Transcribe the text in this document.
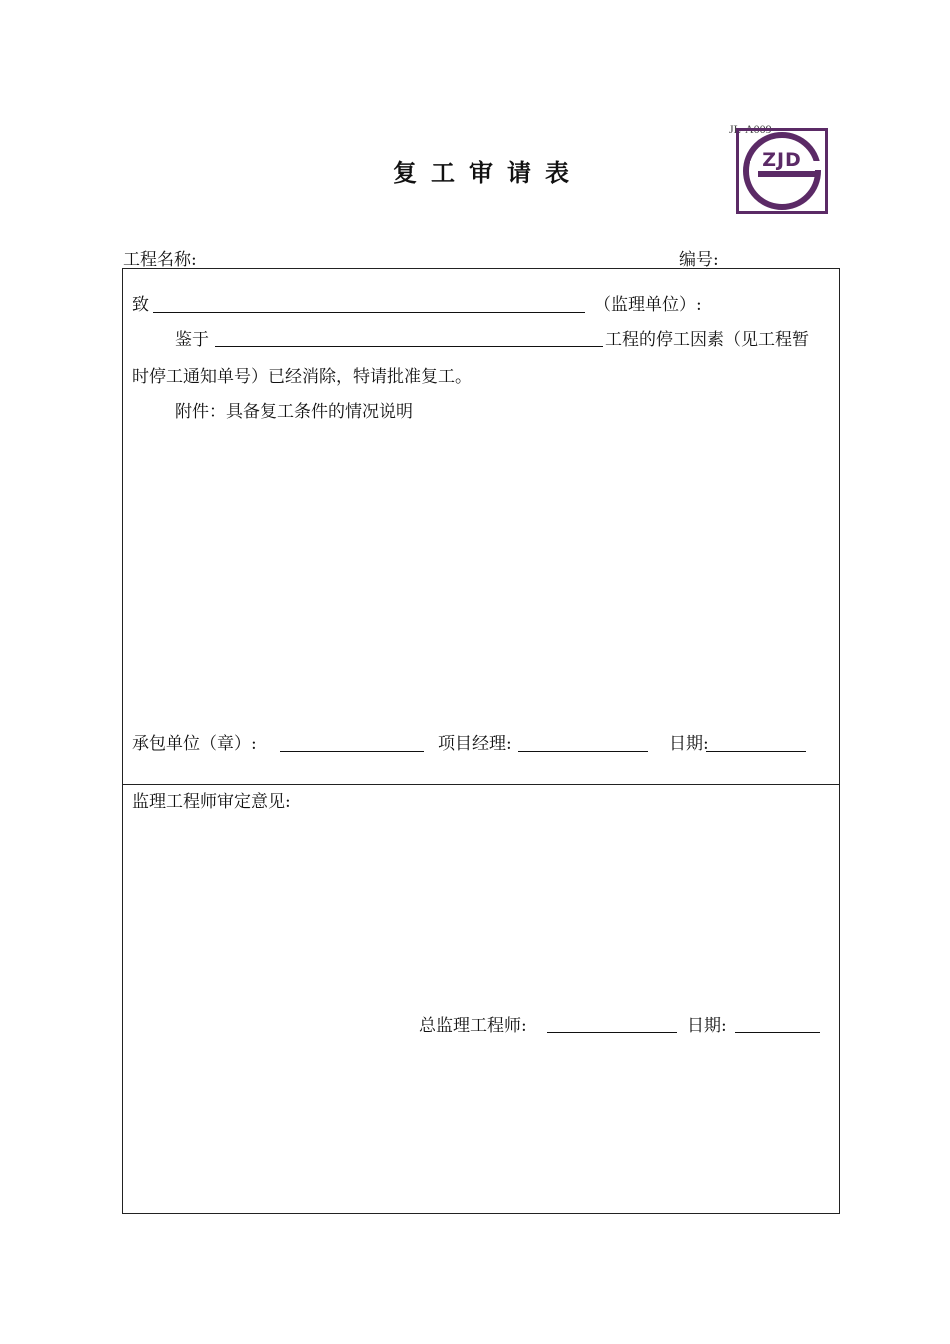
JL-A009
ZJD
复工审请表
工程名称:	编号:
致	（监理单位）:
鉴于	工程的停工因素（见工程暂
时停工通知单号）已经消除，特请批准复工。
附件：具备复工条件的情况说明
承包单位（章）:	项目经理:	日期:
监理工程师审定意见:
总监理工程师:	日期:
